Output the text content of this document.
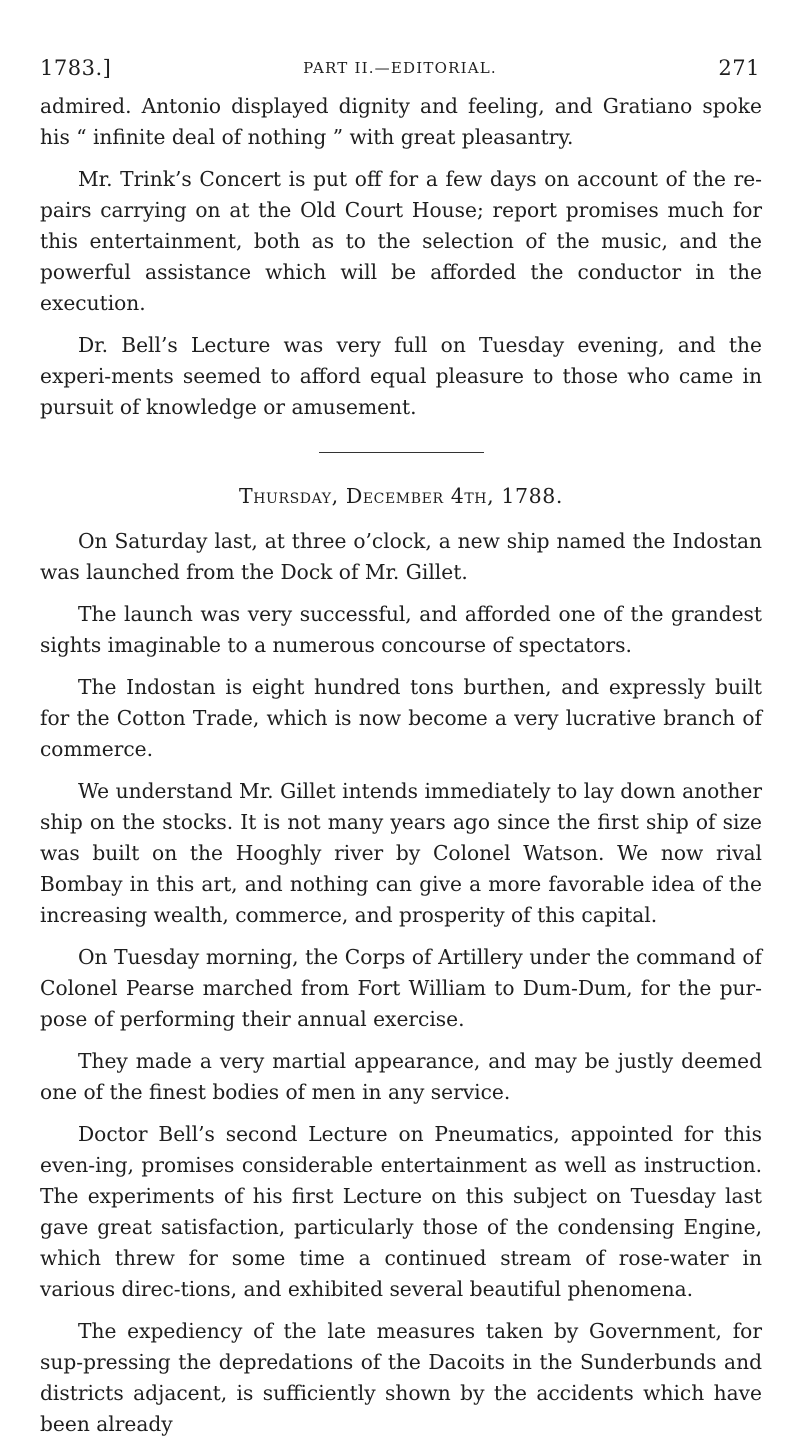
1783.]	PART II.—EDITORIAL.	271

admired. Antonio displayed dignity and feeling, and Gratiano spoke his “ infinite deal of nothing ” with great pleasantry.

Mr. Trink’s Concert is put off for a few days on account of the re-pairs carrying on at the Old Court House; report promises much for this entertainment, both as to the selection of the music, and the powerful assistance which will be afforded the conductor in the execution.

Dr. Bell’s Lecture was very full on Tuesday evening, and the experi-ments seemed to afford equal pleasure to those who came in pursuit of knowledge or amusement.

Thursday, December 4th, 1788.

On Saturday last, at three o’clock, a new ship named the Indostan was launched from the Dock of Mr. Gillet.

The launch was very successful, and afforded one of the grandest sights imaginable to a numerous concourse of spectators.

The Indostan is eight hundred tons burthen, and expressly built for the Cotton Trade, which is now become a very lucrative branch of commerce.

We understand Mr. Gillet intends immediately to lay down another ship on the stocks. It is not many years ago since the first ship of size was built on the Hooghly river by Colonel Watson. We now rival Bombay in this art, and nothing can give a more favorable idea of the increasing wealth, commerce, and prosperity of this capital.

On Tuesday morning, the Corps of Artillery under the command of Colonel Pearse marched from Fort William to Dum-Dum, for the pur-pose of performing their annual exercise.

They made a very martial appearance, and may be justly deemed one of the finest bodies of men in any service.

Doctor Bell’s second Lecture on Pneumatics, appointed for this even-ing, promises considerable entertainment as well as instruction. The experiments of his first Lecture on this subject on Tuesday last gave great satisfaction, particularly those of the condensing Engine, which threw for some time a continued stream of rose-water in various direc-tions, and exhibited several beautiful phenomena.

The expediency of the late measures taken by Government, for sup-pressing the depredations of the Dacoits in the Sunderbunds and districts adjacent, is sufficiently shown by the accidents which have been already
